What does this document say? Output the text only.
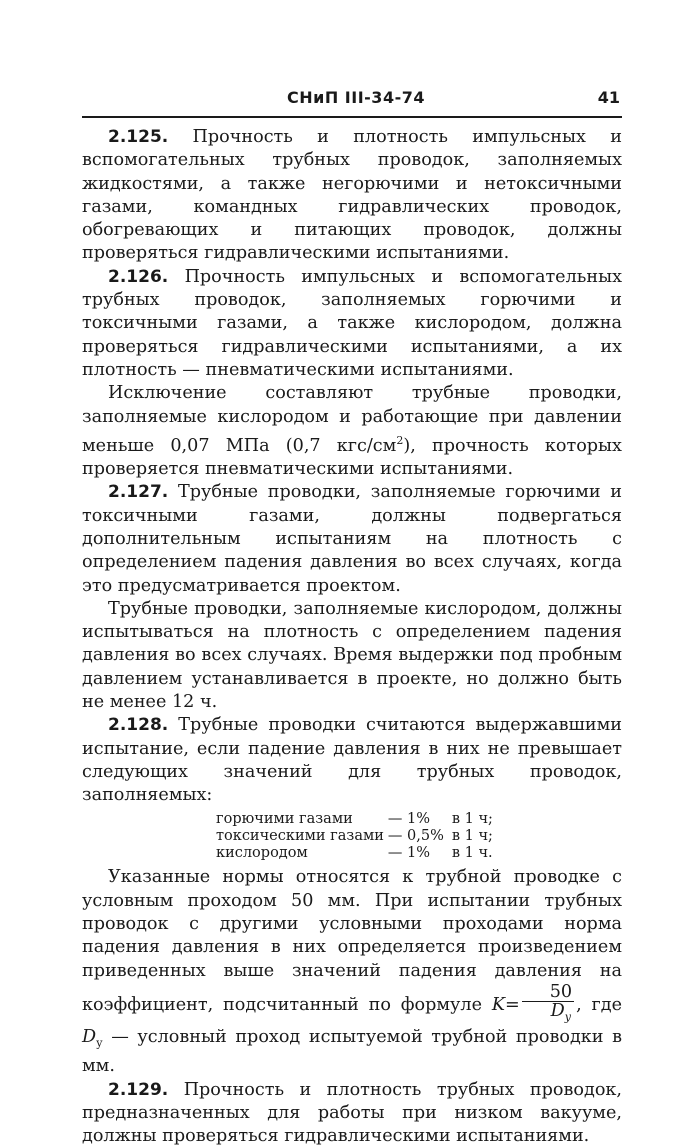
СНиП III-34-74	41

2.125. Прочность и плотность импульсных и вспомогательных трубных проводок, заполняемых жидкостями, а также негорючими и нетоксичными газами, командных гидравлических проводок, обогревающих и питающих проводок, должны проверяться гидравлическими испытаниями.

2.126. Прочность импульсных и вспомогательных трубных проводок, заполняемых горючими и токсичными газами, а также кислородом, должна проверяться гидравлическими испытаниями, а их плотность — пневматическими испытаниями.

Исключение составляют трубные проводки, заполняемые кислородом и работающие при давлении меньше 0,07 МПа (0,7 кгс/$см^2$), прочность которых проверяется пневматическими испытаниями.

2.127. Трубные проводки, заполняемые горючими и токсичными газами, должны подвергаться дополнительным испытаниям на плотность с определением падения давления во всех случаях, когда это предусматривается проектом.

Трубные проводки, заполняемые кислородом, должны испытываться на плотность с определением падения давления во всех случаях. Время выдержки под пробным давлением устанавливается в проекте, но должно быть не менее 12 ч.

2.128. Трубные проводки считаются выдержавшими испытание, если падение давления в них не превышает следующих значений для трубных проводок, заполняемых:

горючими газами	— 1%	в 1 ч;
токсическими газами	— 0,5%	в 1 ч;
кислородом	— 1%	в 1 ч.

Указанные нормы относятся к трубной проводке с условным проходом 50 мм. При испытании трубных проводок с другими условными проходами норма падения давления в них определяется произведением приведенных выше значений падения давления на коэффициент, подсчитанный по формуле $K= \frac{50}{D_у}$ , где $D_у$ — условный проход испытуемой трубной проводки в мм.

2.129. Прочность и плотность трубных проводок, предназначенных для работы при низком вакууме, должны проверяться гидравлическими испытаниями.
